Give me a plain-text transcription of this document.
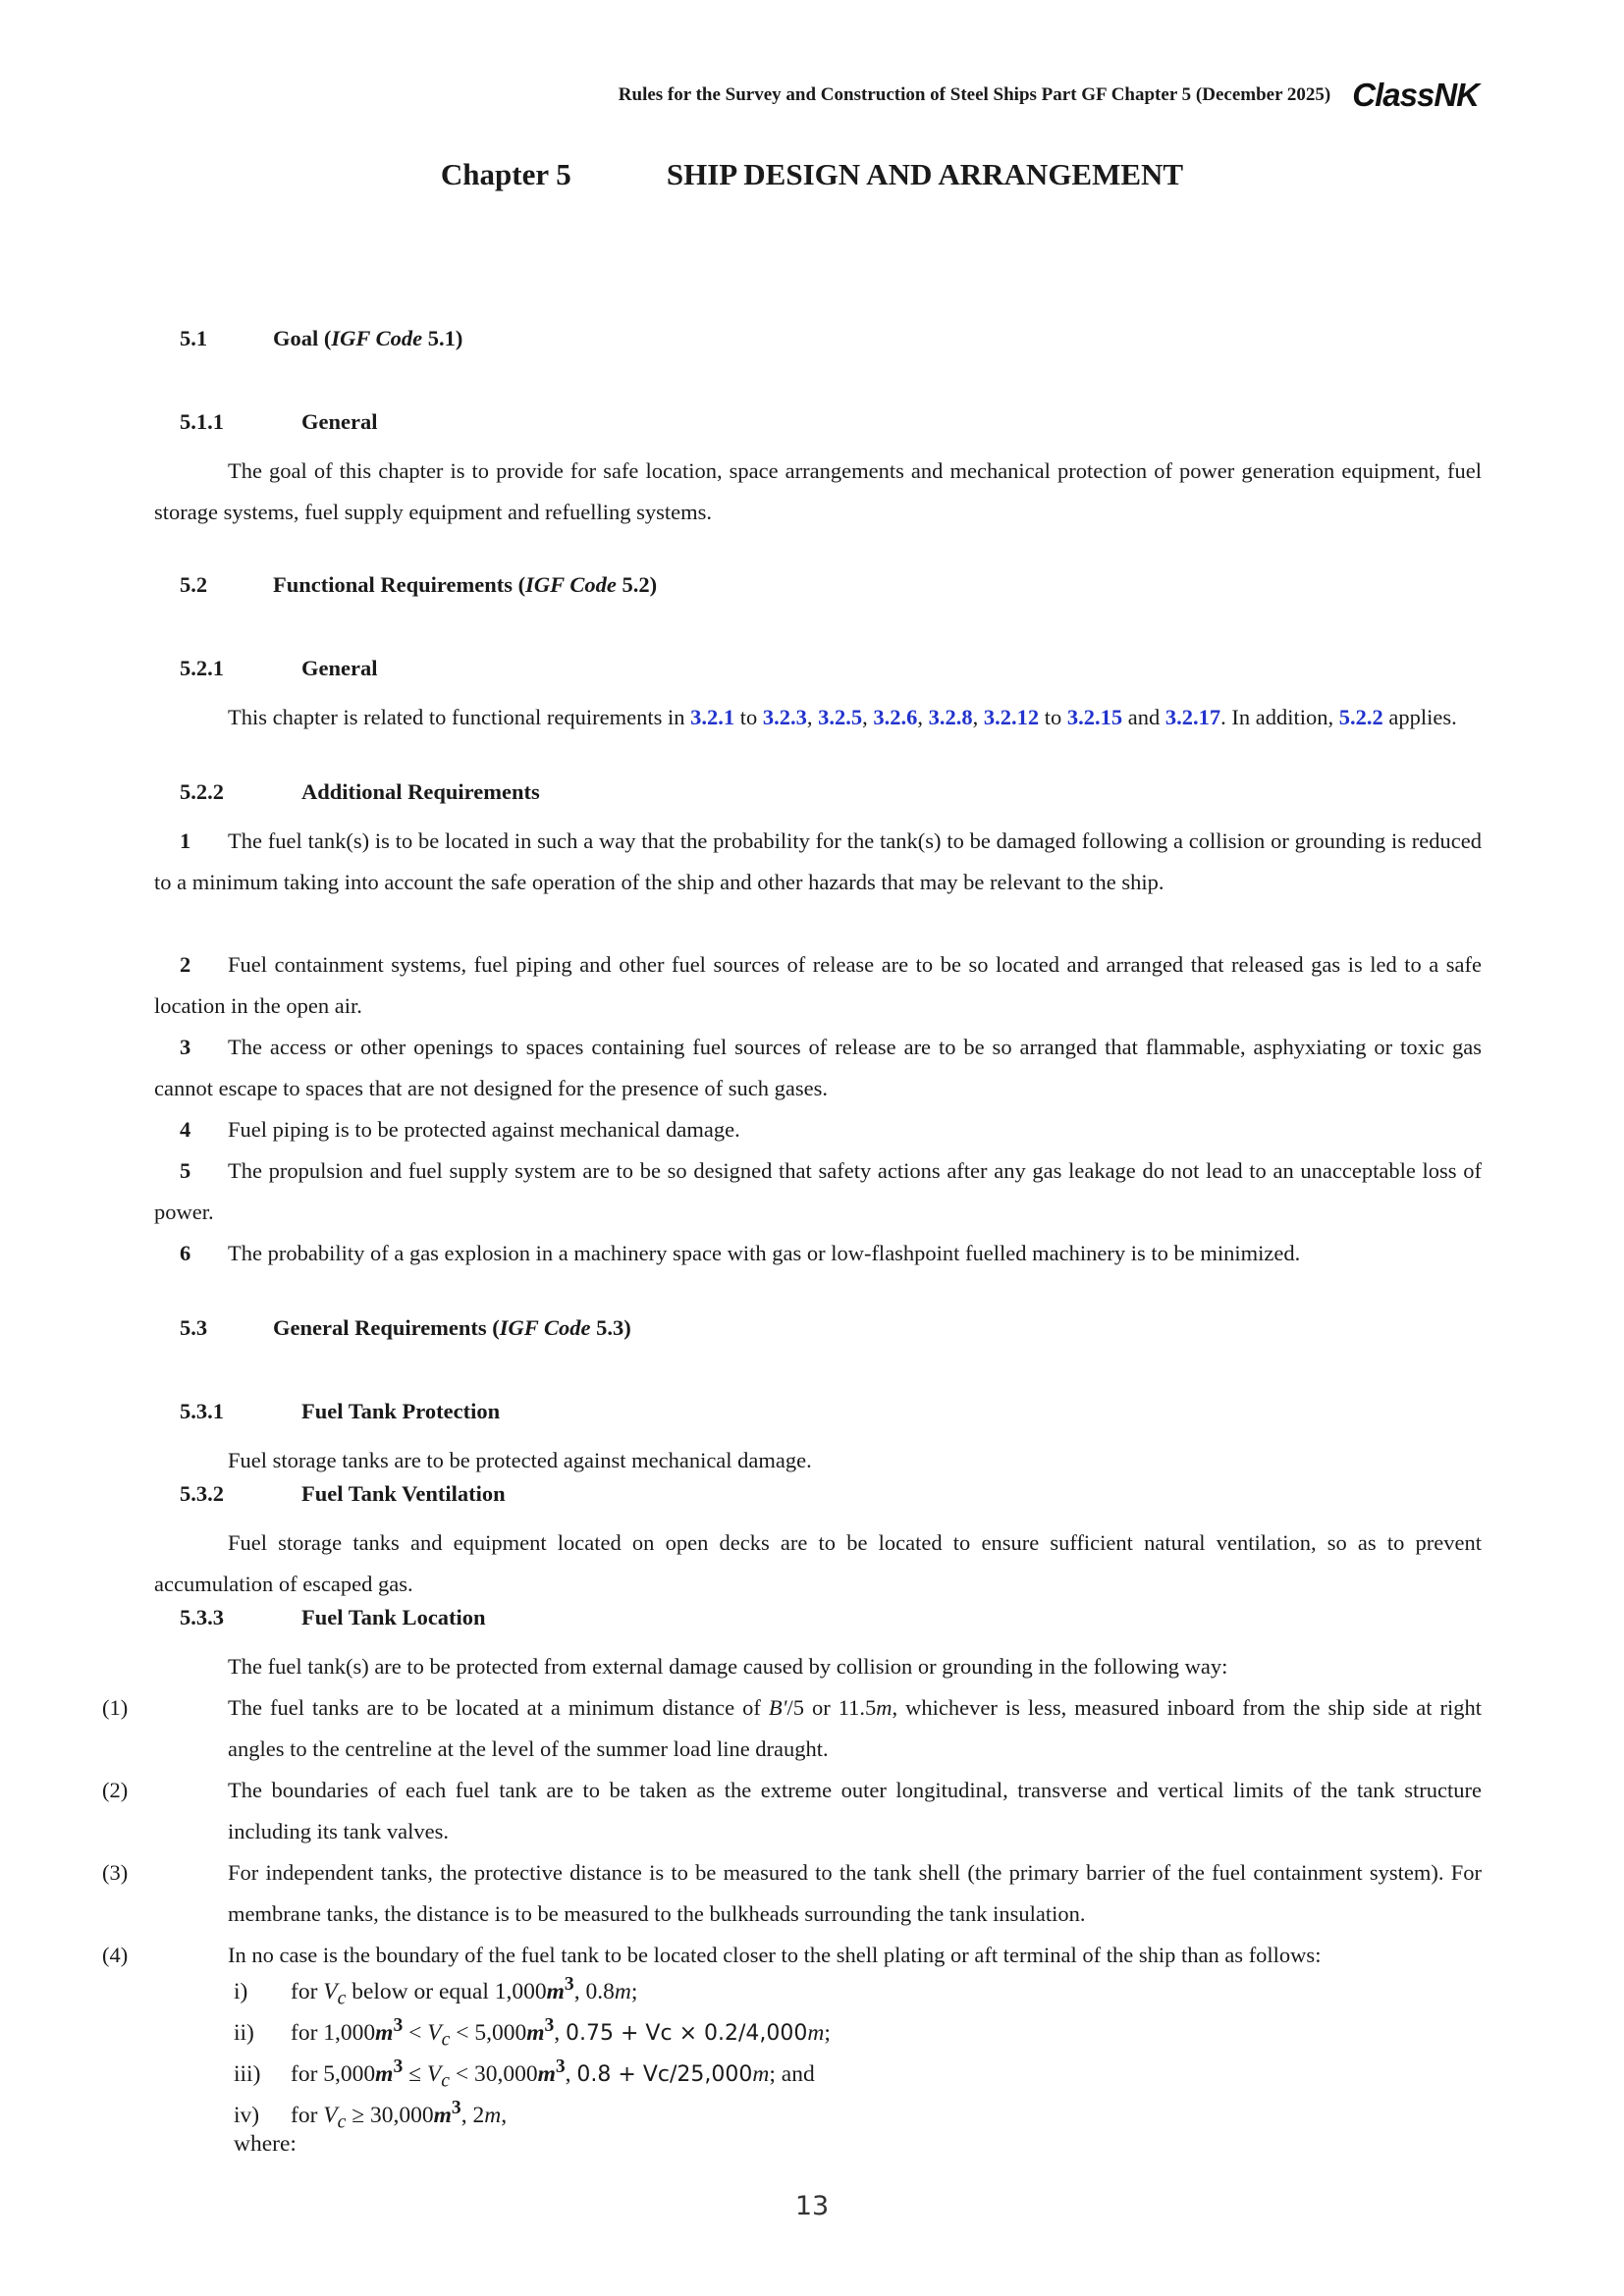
Rules for the Survey and Construction of Steel Ships Part GF Chapter 5 (December 2025) ClassNK
Chapter 5	SHIP DESIGN AND ARRANGEMENT
5.1	Goal (IGF Code 5.1)
5.1.1	General
The goal of this chapter is to provide for safe location, space arrangements and mechanical protection of power generation equipment, fuel storage systems, fuel supply equipment and refuelling systems.
5.2	Functional Requirements (IGF Code 5.2)
5.2.1	General
This chapter is related to functional requirements in 3.2.1 to 3.2.3, 3.2.5, 3.2.6, 3.2.8, 3.2.12 to 3.2.15 and 3.2.17. In addition, 5.2.2 applies.
5.2.2	Additional Requirements
1 The fuel tank(s) is to be located in such a way that the probability for the tank(s) to be damaged following a collision or grounding is reduced to a minimum taking into account the safe operation of the ship and other hazards that may be relevant to the ship.
2 Fuel containment systems, fuel piping and other fuel sources of release are to be so located and arranged that released gas is led to a safe location in the open air.
3 The access or other openings to spaces containing fuel sources of release are to be so arranged that flammable, asphyxiating or toxic gas cannot escape to spaces that are not designed for the presence of such gases.
4 Fuel piping is to be protected against mechanical damage.
5 The propulsion and fuel supply system are to be so designed that safety actions after any gas leakage do not lead to an unacceptable loss of power.
6 The probability of a gas explosion in a machinery space with gas or low-flashpoint fuelled machinery is to be minimized.
5.3	General Requirements (IGF Code 5.3)
5.3.1	Fuel Tank Protection
Fuel storage tanks are to be protected against mechanical damage.
5.3.2	Fuel Tank Ventilation
Fuel storage tanks and equipment located on open decks are to be located to ensure sufficient natural ventilation, so as to prevent accumulation of escaped gas.
5.3.3	Fuel Tank Location
The fuel tank(s) are to be protected from external damage caused by collision or grounding in the following way:
(1)	The fuel tanks are to be located at a minimum distance of B'/5 or 11.5m, whichever is less, measured inboard from the ship side at right angles to the centreline at the level of the summer load line draught.
(2)	The boundaries of each fuel tank are to be taken as the extreme outer longitudinal, transverse and vertical limits of the tank structure including its tank valves.
(3)	For independent tanks, the protective distance is to be measured to the tank shell (the primary barrier of the fuel containment system). For membrane tanks, the distance is to be measured to the bulkheads surrounding the tank insulation.
(4)	In no case is the boundary of the fuel tank to be located closer to the shell plating or aft terminal of the ship than as follows:
i) for $V_c$ below or equal $1,000m^3$, 0.8m;
ii) for $1,000m^3 < V_c < 5,000m^3$, 0.75 + Vc × 0.2/4,000m;
iii) for $5,000m^3 \le V_c < 30,000m^3$, 0.8 + Vc/25,000m; and
iv) for $V_c \ge 30,000m^3$, 2m,
where:
13
